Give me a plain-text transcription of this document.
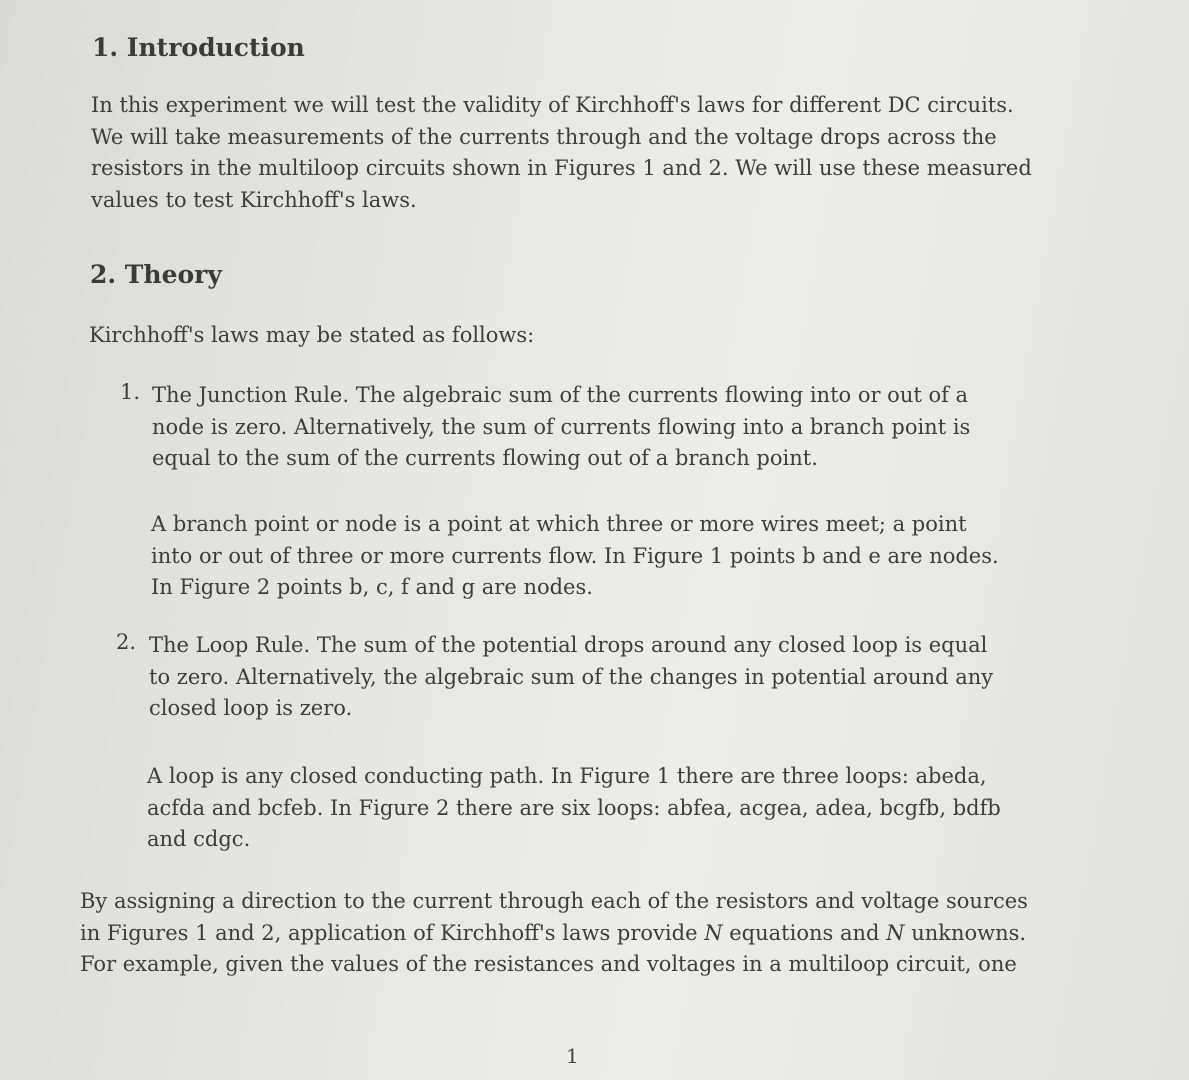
1. Introduction

In this experiment we will test the validity of Kirchhoff's laws for different DC circuits.
We will take measurements of the currents through and the voltage drops across the
resistors in the multiloop circuits shown in Figures 1 and 2. We will use these measured
values to test Kirchhoff's laws.

2. Theory

Kirchhoff's laws may be stated as follows:

1. The Junction Rule. The algebraic sum of the currents flowing into or out of a
node is zero. Alternatively, the sum of currents flowing into a branch point is
equal to the sum of the currents flowing out of a branch point.

A branch point or node is a point at which three or more wires meet; a point
into or out of three or more currents flow. In Figure 1 points b and e are nodes.
In Figure 2 points b, c, f and g are nodes.

2. The Loop Rule. The sum of the potential drops around any closed loop is equal
to zero. Alternatively, the algebraic sum of the changes in potential around any
closed loop is zero.

A loop is any closed conducting path. In Figure 1 there are three loops: abeda,
acfda and bcfeb. In Figure 2 there are six loops: abfea, acgea, adea, bcgfb, bdfb
and cdgc.

By assigning a direction to the current through each of the resistors and voltage sources
in Figures 1 and 2, application of Kirchhoff's laws provide N equations and N unknowns.
For example, given the values of the resistances and voltages in a multiloop circuit, one

1
